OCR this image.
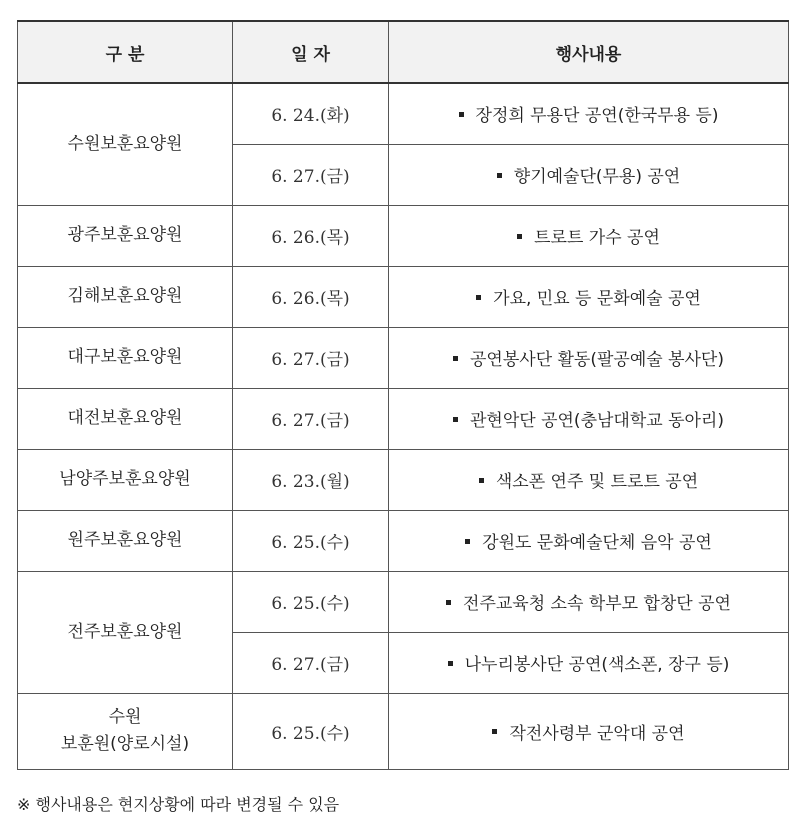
구 분	일 자	행사내용
수원보훈요양원	6. 24.(화)	장정희 무용단 공연(한국무용 등)
	6. 27.(금)	향기예술단(무용) 공연
광주보훈요양원	6. 26.(목)	트로트 가수 공연
김해보훈요양원	6. 26.(목)	가요, 민요 등 문화예술 공연
대구보훈요양원	6. 27.(금)	공연봉사단 활동(팔공예술 봉사단)
대전보훈요양원	6. 27.(금)	관현악단 공연(충남대학교 동아리)
남양주보훈요양원	6. 23.(월)	색소폰 연주 및 트로트 공연
원주보훈요양원	6. 25.(수)	강원도 문화예술단체 음악 공연
전주보훈요양원	6. 25.(수)	전주교육청 소속 학부모 합창단 공연
	6. 27.(금)	나누리봉사단 공연(색소폰, 장구 등)

수원
보훈원(양로시설)	6. 25.(수)	작전사령부 군악대 공연
※ 행사내용은 현지상황에 따라 변경될 수 있음
